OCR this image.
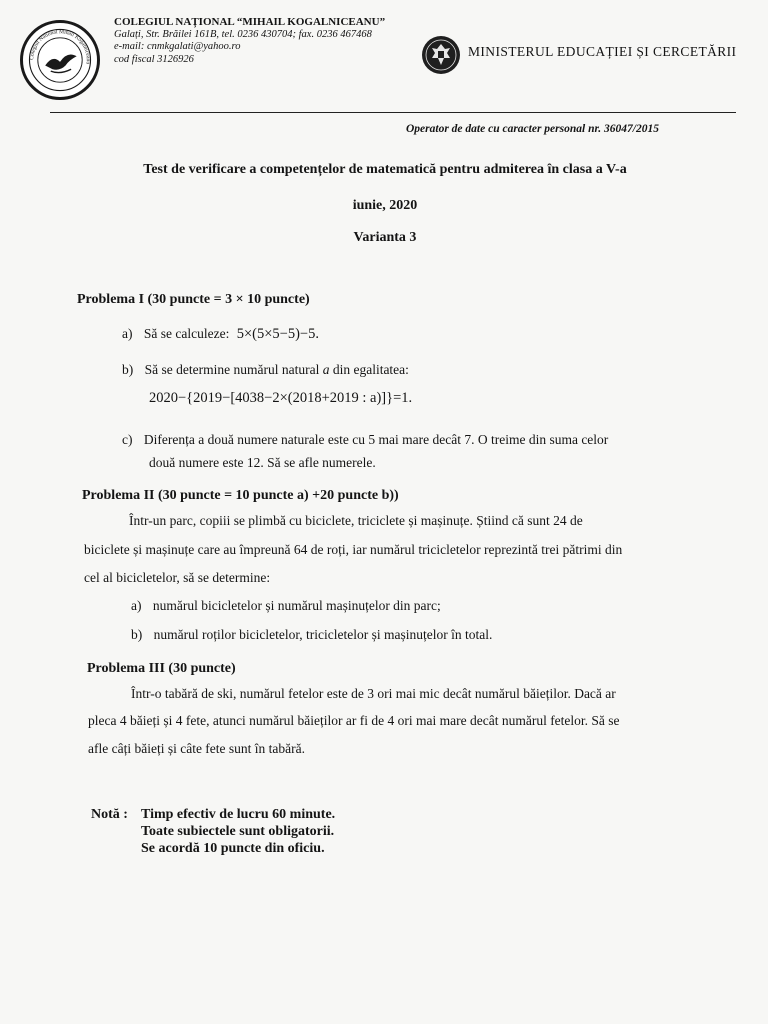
Colegiul National Mihail Kogalniceanu
COLEGIUL NAȚIONAL “MIHAIL KOGALNICEANU”
Galați, Str. Brăilei 161B, tel. 0236 430704; fax. 0236 467468
e-mail: cnmkgalati@yahoo.ro
cod fiscal 3126926	MINISTERUL EDUCAȚIEI ȘI CERCETĂRII
Operator de date cu caracter personal nr. 36047/2015
Test de verificare a competențelor de matematică pentru admiterea în clasa a V-a
iunie, 2020
Varianta 3
Problema I (30 puncte = 3 × 10 puncte)
a) Să se calculeze: 5×(5×5−5)−5.
b) Să se determine numărul natural a din egalitatea:
2020−{2019−[4038−2×(2018+2019 : a)]}=1.
c) Diferența a două numere naturale este cu 5 mai mare decât 7. O treime din suma celor
două numere este 12. Să se afle numerele.
Problema II (30 puncte = 10 puncte a) +20 puncte b))
Într-un parc, copiii se plimbă cu biciclete, triciclete și mașinuțe. Știind că sunt 24 de
biciclete și mașinuțe care au împreună 64 de roți, iar numărul tricicletelor reprezintă trei pătrimi din
cel al bicicletelor, să se determine:
a) numărul bicicletelor și numărul mașinuțelor din parc;
b) numărul roților bicicletelor, tricicletelor și mașinuțelor în total.
Problema III (30 puncte)
Într-o tabără de ski, numărul fetelor este de 3 ori mai mic decât numărul băieților. Dacă ar
pleca 4 băieți și 4 fete, atunci numărul băieților ar fi de 4 ori mai mare decât numărul fetelor. Să se
afle câți băieți și câte fete sunt în tabără.
Notă : Timp efectiv de lucru 60 minute.
Toate subiectele sunt obligatorii.
Se acordă 10 puncte din oficiu.
